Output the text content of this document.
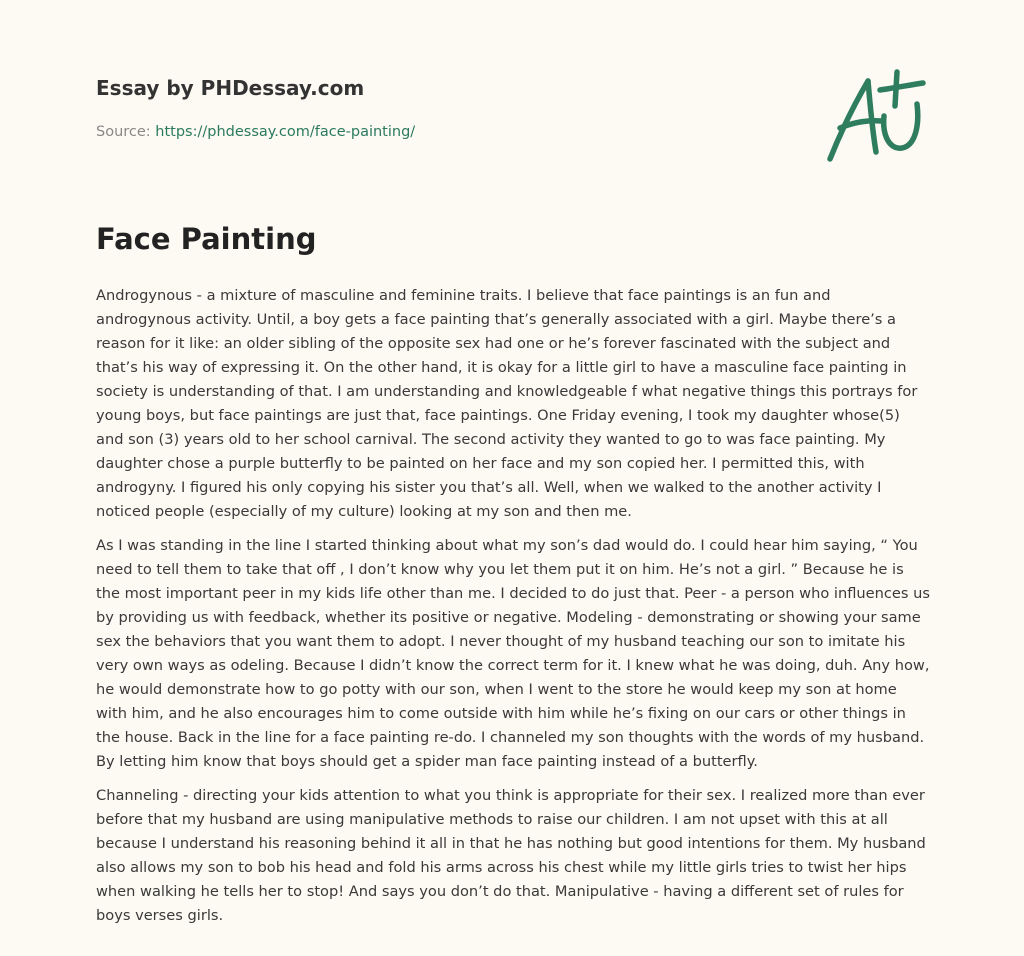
Essay by PHDessay.com
Source: https://phdessay.com/face-painting/
Face Painting

Androgynous - a mixture of masculine and feminine traits. I believe that face paintings is an fun and androgynous activity. Until, a boy gets a face painting that’s generally associated with a girl. Maybe there’s a reason for it like: an older sibling of the opposite sex had one or he’s forever fascinated with the subject and that’s his way of expressing it. On the other hand, it is okay for a little girl to have a masculine face painting in society is understanding of that. I am understanding and knowledgeable f what negative things this portrays for young boys, but face paintings are just that, face paintings. One Friday evening, I took my daughter whose(5) and son (3) years old to her school carnival. The second activity they wanted to go to was face painting. My daughter chose a purple butterfly to be painted on her face and my son copied her. I permitted this, with androgyny. I figured his only copying his sister you that’s all. Well, when we walked to the another activity I noticed people (especially of my culture) looking at my son and then me.

As I was standing in the line I started thinking about what my son’s dad would do. I could hear him saying, “ You need to tell them to take that off , I don’t know why you let them put it on him. He’s not a girl. ” Because he is the most important peer in my kids life other than me. I decided to do just that. Peer - a person who influences us by providing us with feedback, whether its positive or negative. Modeling - demonstrating or showing your same sex the behaviors that you want them to adopt. I never thought of my husband teaching our son to imitate his very own ways as odeling. Because I didn’t know the correct term for it. I knew what he was doing, duh. Any how, he would demonstrate how to go potty with our son, when I went to the store he would keep my son at home with him, and he also encourages him to come outside with him while he’s fixing on our cars or other things in the house. Back in the line for a face painting re-do. I channeled my son thoughts with the words of my husband. By letting him know that boys should get a spider man face painting instead of a butterfly.

Channeling - directing your kids attention to what you think is appropriate for their sex. I realized more than ever before that my husband are using manipulative methods to raise our children. I am not upset with this at all because I understand his reasoning behind it all in that he has nothing but good intentions for them. My husband also allows my son to bob his head and fold his arms across his chest while my little girls tries to twist her hips when walking he tells her to stop! And says you don’t do that. Manipulative - having a different set of rules for boys verses girls.
